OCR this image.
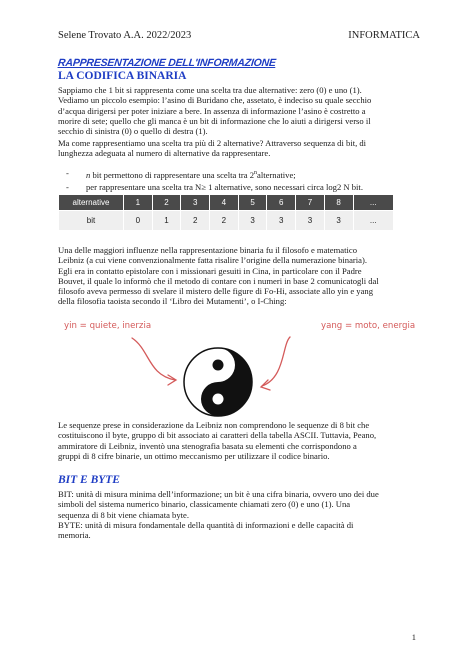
Selene Trovato A.A. 2022/2023	INFORMATICA
RAPPRESENTAZIONE DELL'INFORMAZIONE
LA CODIFICA BINARIA
Sappiamo che 1 bit si rappresenta come una scelta tra due alternative: zero (0) e uno (1).
Vediamo un piccolo esempio: l’asino di Buridano che, assetato, è indeciso su quale secchio
d’acqua dirigersi per poter iniziare a bere. In assenza di informazione l’asino è costretto a
morire di sete; quello che gli manca è un bit di informazione che lo aiuti a dirigersi verso il
secchio di sinistra (0) o quello di destra (1).
Ma come rappresentiamo una scelta tra più di 2 alternative? Attraverso sequenza di bit, di
lunghezza adeguata al numero di alternative da rappresentare.
-	n bit permettono di rappresentare una scelta tra 2$^n$alternative;
-	per rappresentare una scelta tra N≥ 1 alternative, sono necessari circa log2 N bit.
alternative	1	2	3	4	5	6	7	8	...
bit	0	1	2	2	3	3	3	3	...
Una delle maggiori influenze nella rappresentazione binaria fu il filosofo e matematico
Leibniz (a cui viene convenzionalmente fatta risalire l’origine della numerazione binaria).
Egli era in contatto epistolare con i missionari gesuiti in Cina, in particolare con il Padre
Bouvet, il quale lo informò che il metodo di contare con i numeri in base 2 comunicatogli dal
filosofo aveva permesso di svelare il mistero delle figure di Fo-Hi, associate allo yin e yang
della filosofia taoista secondo il ‘Libro dei Mutamenti’, o I-Ching:
yin = quiete, inerzia	yang = moto, energia
Le sequenze prese in considerazione da Leibniz non comprendono le sequenze di 8 bit che
costituiscono il byte, gruppo di bit associato ai caratteri della tabella ASCII. Tuttavia, Peano,
ammiratore di Leibniz, inventò una stenografia basata su elementi che corrispondono a
gruppi di 8 cifre binarie, un ottimo meccanismo per utilizzare il codice binario.
BIT E BYTE
BIT: unità di misura minima dell’informazione; un bit è una cifra binaria, ovvero uno dei due
simboli del sistema numerico binario, classicamente chiamati zero (0) e uno (1). Una
sequenza di 8 bit viene chiamata byte.
BYTE: unità di misura fondamentale della quantità di informazioni e delle capacità di
memoria.
1
